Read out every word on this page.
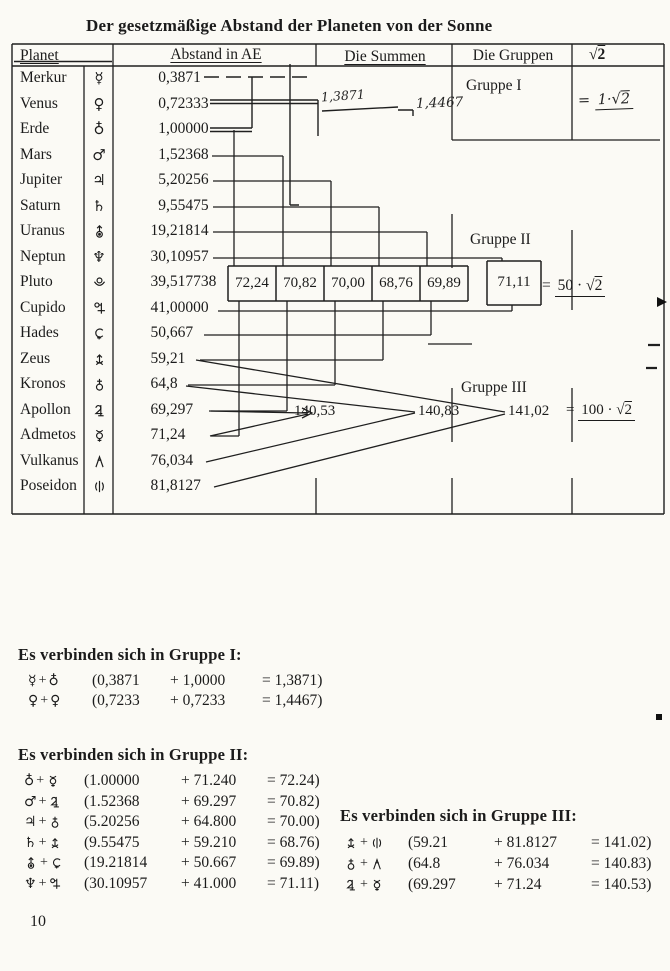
Der gesetzmäßige Abstand der Planeten von der Sonne
Planet	Abstand in AE	Die Summen	Die Gruppen	√2
Merkur ☿	0,3871
Venus ♀	0,72333
Erde	♁	1,00000
Mars	♂	1,52368
Jupiter ♃	5,20256
Saturn ♄	9,55475
Uranus	19,21814
Neptun ♆	30,10957
Pluto	39,517738
Cupido	41,00000
Hades	50,667
Zeus	59,21
Kronos	64,8
Apollon	69,297
Admetos	71,24
Vulkanus	76,034
Poseidon	81,8127
Gruppe I
Gruppe II
Gruppe III
1,3871	1,4467	= 1·√2
= 50 · √2
= 100 · √2
72,24 70,82 70,00 68,76 69,89	71,11
140,53	140,83	141,02
Es verbinden sich in Gruppe I:
☿ + ♁ (0,3871	+ 1,0000	= 1,3871)
♀ + ♀ (0,7233	+ 0,7233	= 1,4467)
Es verbinden sich in Gruppe II:
♁ +	(1.00000	+ 71.240	= 72.24)
♂ + (1.52368	+ 69.297	= 70.82)
♃ + (5.20256	+ 64.800	= 70.00)
♄ + (9.55475	+ 59.210	= 68.76)
+ (19.21814	+ 50.667	= 69.89)
♆ + (30.10957	+ 41.000	= 71.11)
Es verbinden sich in Gruppe III:
+	(59.21	+ 81.8127	= 141.02)
+	(64.8	+ 76.034	= 140.83)
+	(69.297	+ 71.24	= 140.53)
10
